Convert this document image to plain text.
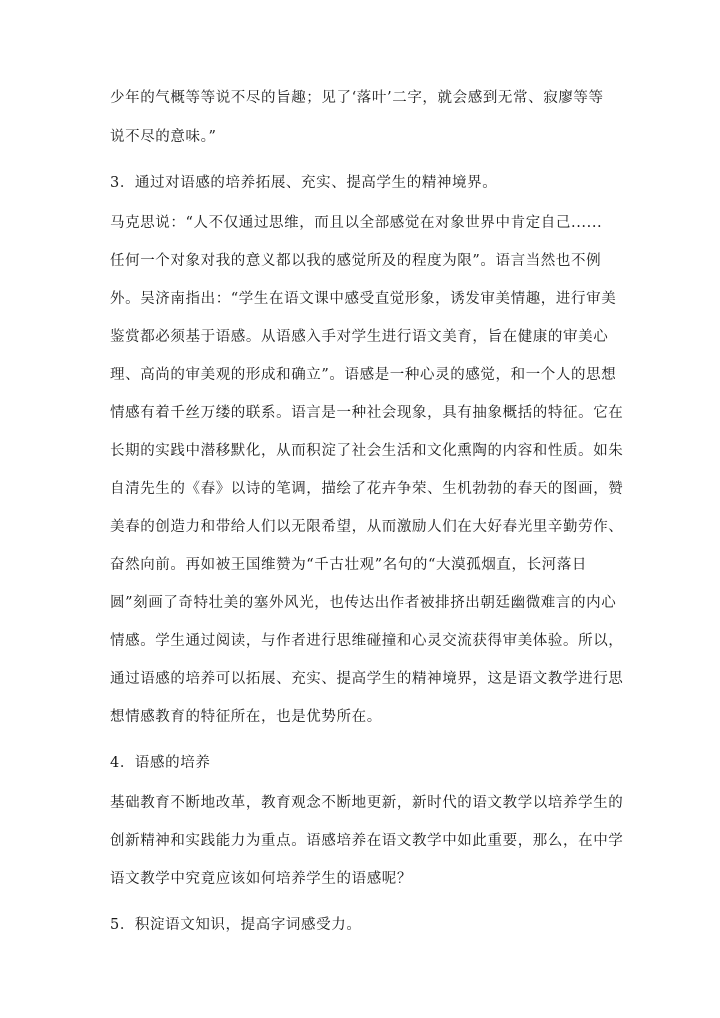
少年的气概等等说不尽的旨趣；见了‘落叶’二字，就会感到无常、寂廖等等
说不尽的意味。”
3．通过对语感的培养拓展、充实、提高学生的精神境界。
马克思说：“人不仅通过思维，而且以全部感觉在对象世界中肯定自己......
任何一个对象对我的意义都以我的感觉所及的程度为限”。语言当然也不例
外。吴济南指出：“学生在语文课中感受直觉形象，诱发审美情趣，进行审美
鉴赏都必须基于语感。从语感入手对学生进行语文美育，旨在健康的审美心
理、高尚的审美观的形成和确立”。语感是一种心灵的感觉，和一个人的思想
情感有着千丝万缕的联系。语言是一种社会现象，具有抽象概括的特征。它在
长期的实践中潜移默化，从而积淀了社会生活和文化熏陶的内容和性质。如朱
自清先生的《春》以诗的笔调，描绘了花卉争荣、生机勃勃的春天的图画，赞
美春的创造力和带给人们以无限希望，从而激励人们在大好春光里辛勤劳作、
奋然向前。再如被王国维赞为“千古壮观”名句的“大漠孤烟直，长河落日
圆”刻画了奇特壮美的塞外风光，也传达出作者被排挤出朝廷幽微难言的内心
情感。学生通过阅读，与作者进行思维碰撞和心灵交流获得审美体验。所以，
通过语感的培养可以拓展、充实、提高学生的精神境界，这是语文教学进行思
想情感教育的特征所在，也是优势所在。
4．语感的培养
基础教育不断地改革，教育观念不断地更新，新时代的语文教学以培养学生的
创新精神和实践能力为重点。语感培养在语文教学中如此重要，那么，在中学
语文教学中究竟应该如何培养学生的语感呢？
5．积淀语文知识，提高字词感受力。
